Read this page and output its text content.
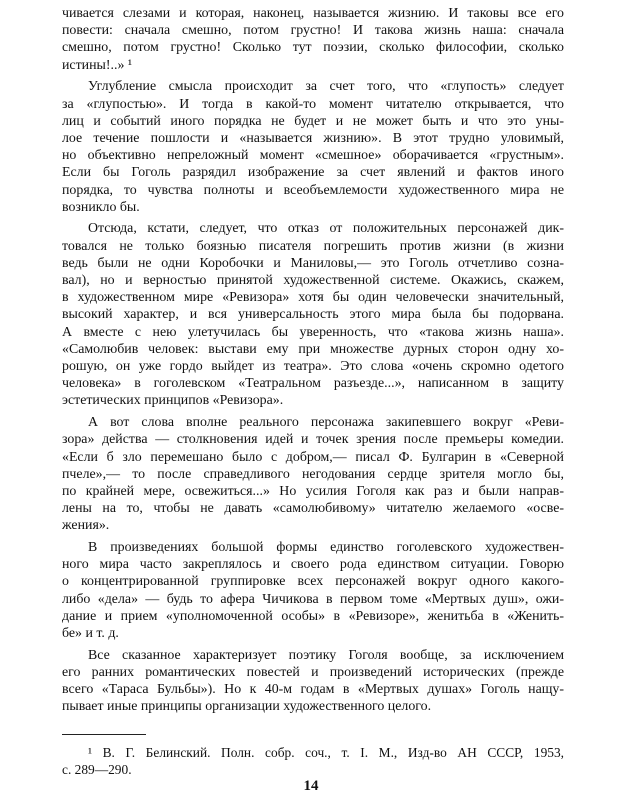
14
чивается слезами и которая, наконец, называется жизнию. И таковы все его
повести: сначала смешно, потом грустно! И такова жизнь наша: сначала
смешно, потом грустно! Сколько тут поэзии, сколько философии, сколько
истины!..» ¹
Углубление смысла происходит за счет того, что «глупость» следует
за «глупостью». И тогда в какой-то момент читателю открывается, что
лиц и событий иного порядка не будет и не может быть и что это уны-
лое течение пошлости и «называется жизнию». В этот трудно уловимый,
но объективно непреложный момент «смешное» оборачивается «грустным».
Если бы Гоголь разрядил изображение за счет явлений и фактов иного
порядка, то чувства полноты и всеобъемлемости художественного мира не
возникло бы.
Отсюда, кстати, следует, что отказ от положительных персонажей дик-
товался не только боязнью писателя погрешить против жизни (в жизни
ведь были не одни Коробочки и Маниловы,— это Гоголь отчетливо созна-
вал), но и верностью принятой художественной системе. Окажись, скажем,
в художественном мире «Ревизора» хотя бы один человечески значительный,
высокий характер, и вся универсальность этого мира была бы подорвана.
А вместе с нею улетучилась бы уверенность, что «такова жизнь наша».
«Самолюбив человек: выстави ему при множестве дурных сторон одну хо-
рошую, он уже гордо выйдет из театра». Это слова «очень скромно одетого
человека» в гоголевском «Театральном разъезде...», написанном в защиту
эстетических принципов «Ревизора».
А вот слова вполне реального персонажа закипевшего вокруг «Реви-
зора» действа — столкновения идей и точек зрения после премьеры комедии.
«Если б зло перемешано было с добром,— писал Ф. Булгарин в «Северной
пчеле»,— то после справедливого негодования сердце зрителя могло бы,
по крайней мере, освежиться...» Но усилия Гоголя как раз и были направ-
лены на то, чтобы не давать «самолюбивому» читателю желаемого «осве-
жения».
В произведениях большой формы единство гоголевского художествен-
ного мира часто закреплялось и своего рода единством ситуации. Говорю
о концентрированной группировке всех персонажей вокруг одного какого-
либо «дела» — будь то афера Чичикова в первом томе «Мертвых душ», ожи-
дание и прием «уполномоченной особы» в «Ревизоре», женитьба в «Женить-
бе» и т. д.
Все сказанное характеризует поэтику Гоголя вообще, за исключением
его ранних романтических повестей и произведений исторических (прежде
всего «Тараса Бульбы»). Но к 40-м годам в «Мертвых душах» Гоголь нащу-
пывает иные принципы организации художественного целого.
¹ В. Г. Белинский. Полн. собр. соч., т. I. М., Изд-во АН СССР, 1953,
с. 289—290.
